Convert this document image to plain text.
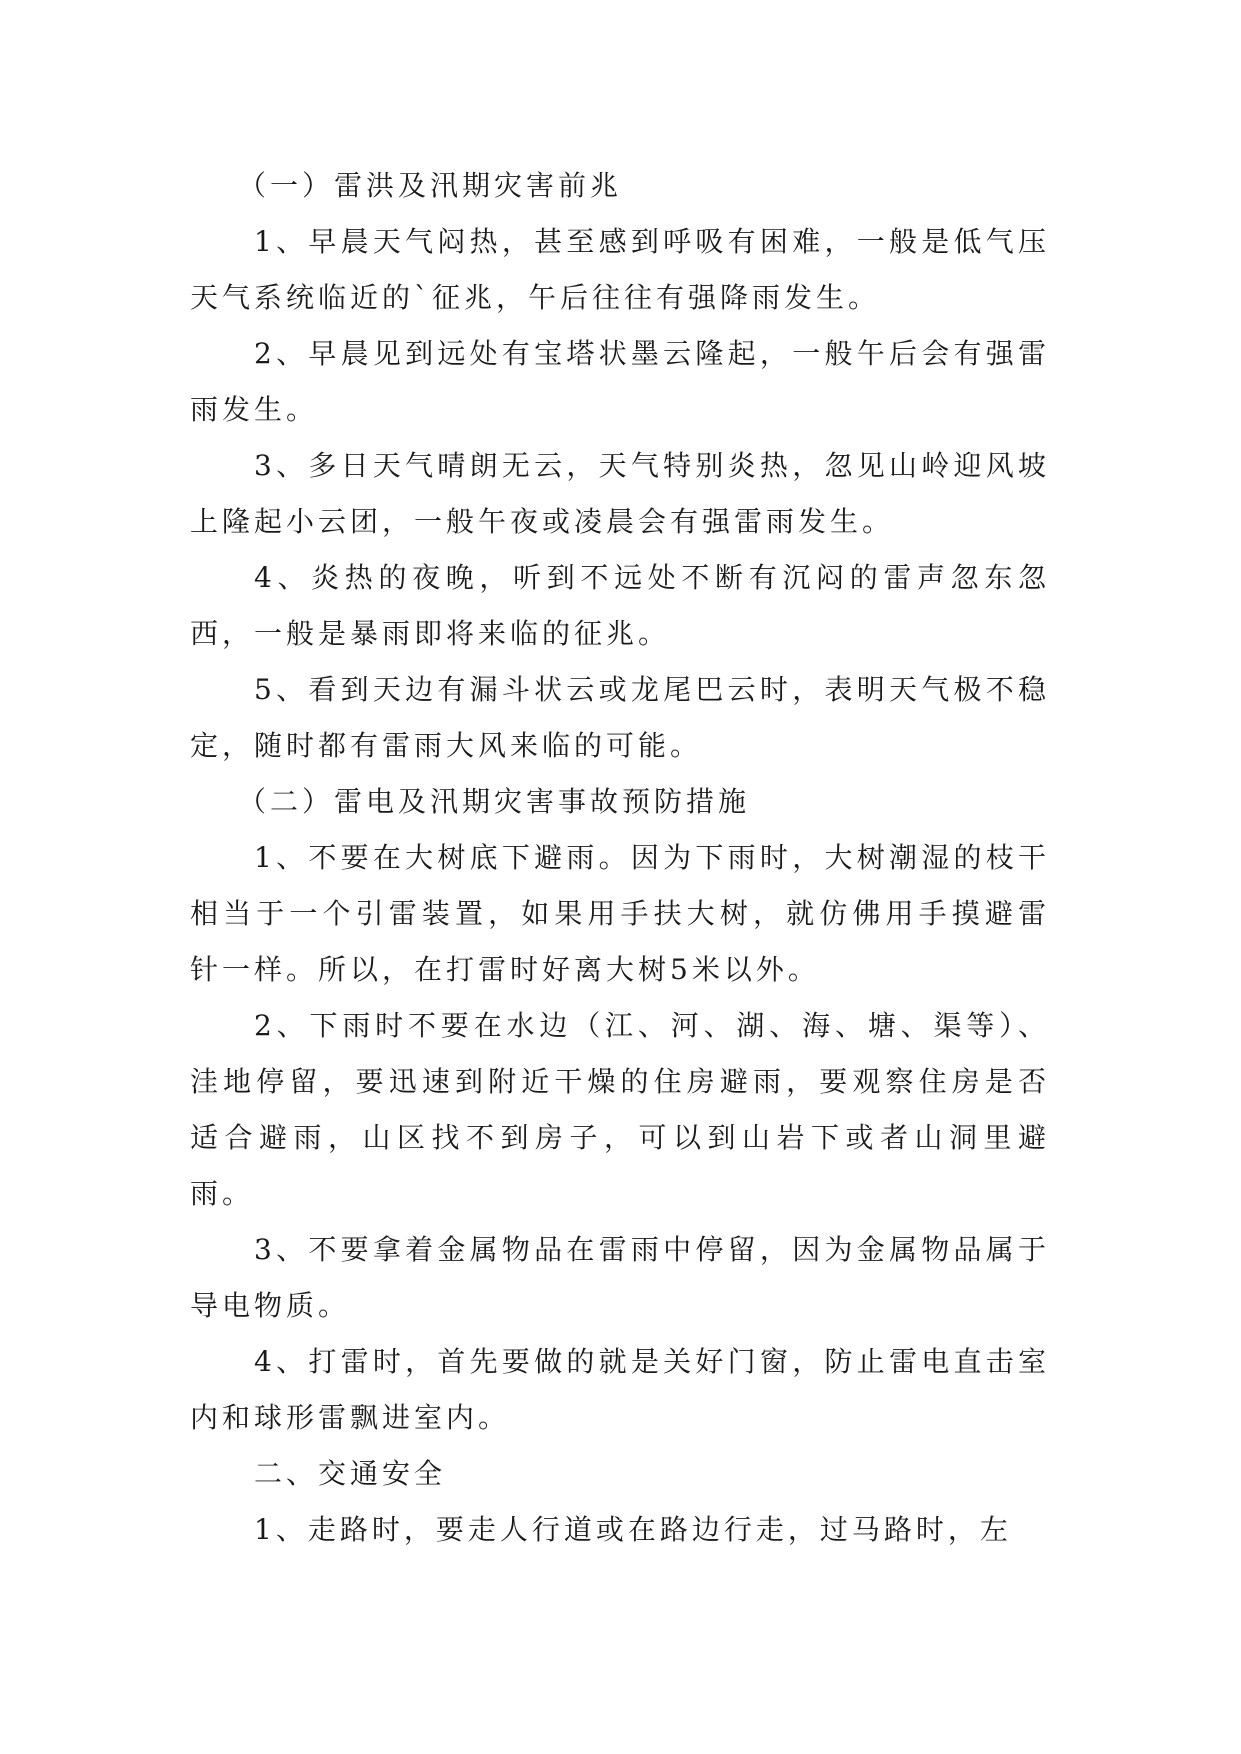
（一）雷洪及汛期灾害前兆

1、早晨天气闷热，甚至感到呼吸有困难，一般是低气压天气系统临近的`征兆，午后往往有强降雨发生。

2、早晨见到远处有宝塔状墨云隆起，一般午后会有强雷雨发生。

3、多日天气晴朗无云，天气特别炎热，忽见山岭迎风坡上隆起小云团，一般午夜或凌晨会有强雷雨发生。

4、炎热的夜晚，听到不远处不断有沉闷的雷声忽东忽西，一般是暴雨即将来临的征兆。

5、看到天边有漏斗状云或龙尾巴云时，表明天气极不稳定，随时都有雷雨大风来临的可能。

（二）雷电及汛期灾害事故预防措施

1、不要在大树底下避雨。因为下雨时，大树潮湿的枝干相当于一个引雷装置，如果用手扶大树，就仿佛用手摸避雷针一样。所以，在打雷时好离大树5米以外。

2、下雨时不要在水边（江、河、湖、海、塘、渠等）、洼地停留，要迅速到附近干燥的住房避雨，要观察住房是否适合避雨，山区找不到房子，可以到山岩下或者山洞里避雨。

3、不要拿着金属物品在雷雨中停留，因为金属物品属于导电物质。

4、打雷时，首先要做的就是关好门窗，防止雷电直击室内和球形雷飘进室内。

二、交通安全

1、走路时，要走人行道或在路边行走，过马路时，左
